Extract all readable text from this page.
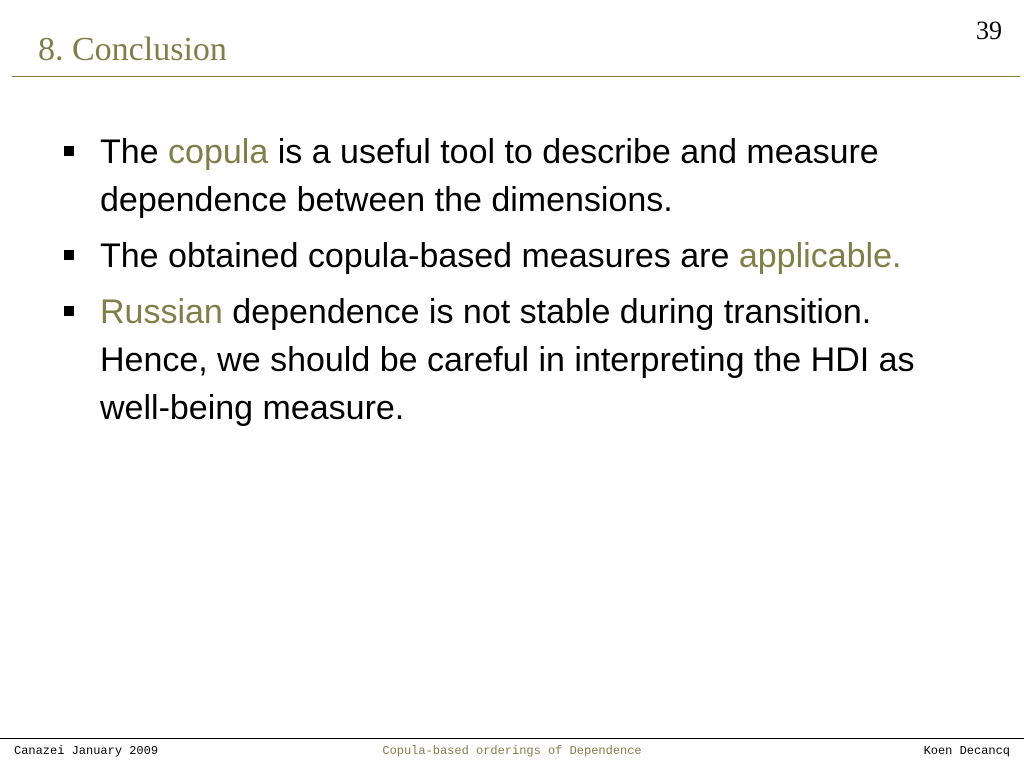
8. Conclusion
39
The copula is a useful tool to describe and measure dependence between the dimensions.
The obtained copula-based measures are applicable.
Russian dependence is not stable during transition. Hence, we should be careful in interpreting the HDI as well-being measure.
Canazei January 2009	Copula-based orderings of Dependence	Koen Decancq
